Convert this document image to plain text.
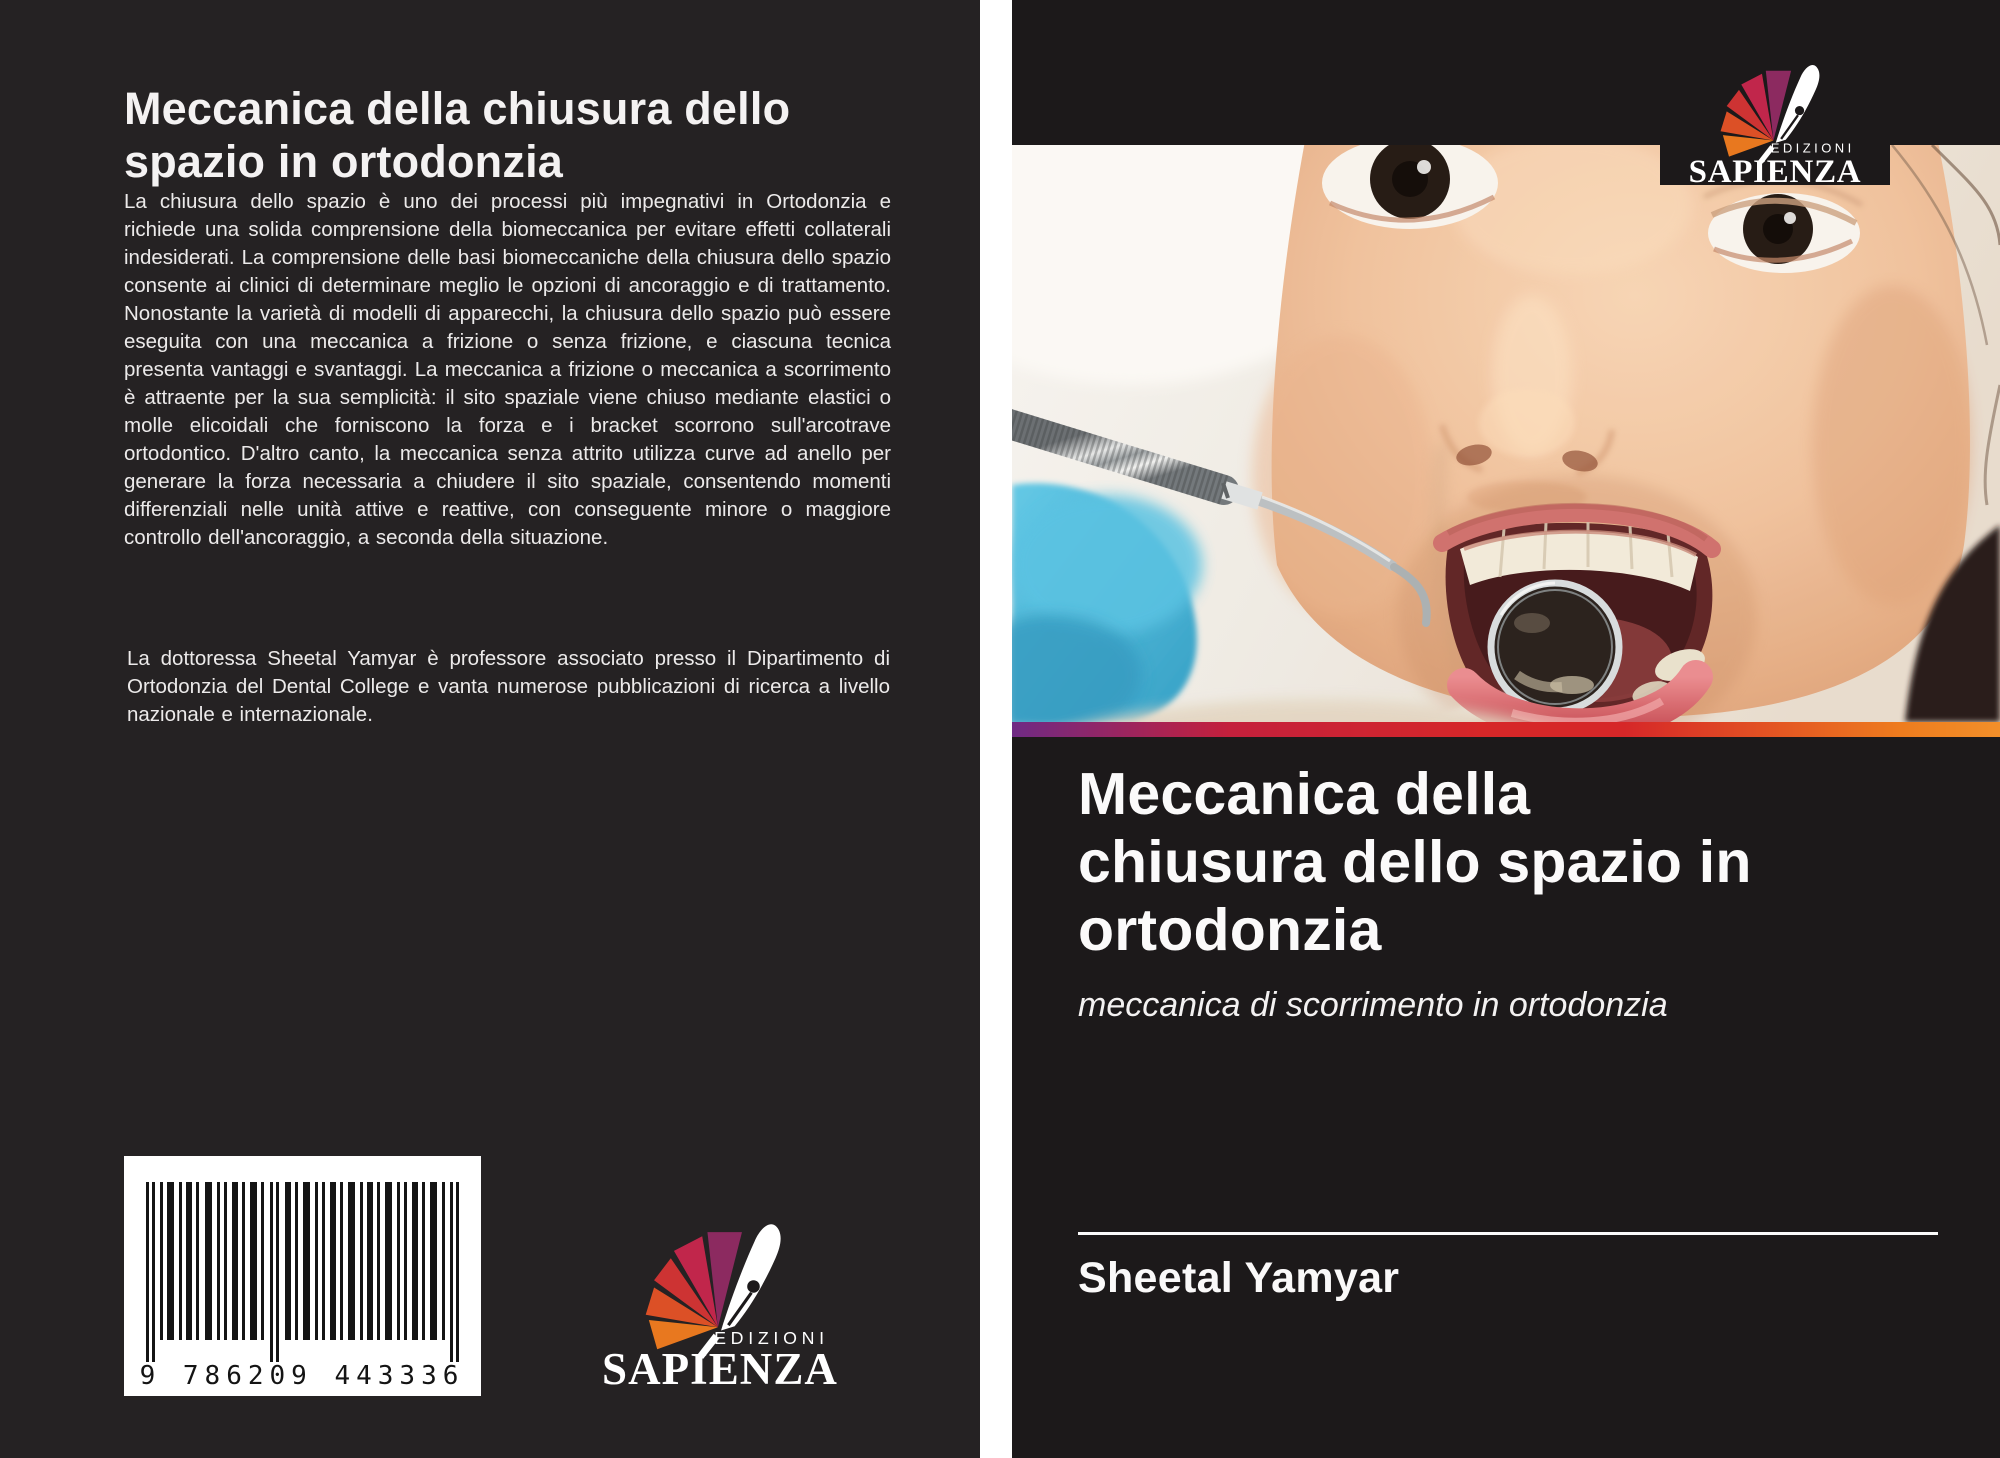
Meccanica della chiusura dello
spazio in ortodonzia
La chiusura dello spazio è uno dei processi più impegnativi in Ortodonzia e richiede una solida comprensione della biomeccanica per evitare effetti collaterali indesiderati. La comprensione delle basi biomeccaniche della chiusura dello spazio consente ai clinici di determinare meglio le opzioni di ancoraggio e di trattamento. Nonostante la varietà di modelli di apparecchi, la chiusura dello spazio può essere eseguita con una meccanica a frizione o senza frizione, e ciascuna tecnica presenta vantaggi e svantaggi. La meccanica a frizione o meccanica a scorrimento è attraente per la sua semplicità: il sito spaziale viene chiuso mediante elastici o molle elicoidali che forniscono la forza e i bracket scorrono sull'arcotrave ortodontico. D'altro canto, la meccanica senza attrito utilizza curve ad anello per generare la forza necessaria a chiudere il sito spaziale, consentendo momenti differenziali nelle unità attive e reattive, con conseguente minore o maggiore controllo dell'ancoraggio, a seconda della situazione.
La dottoressa Sheetal Yamyar è professore associato presso il Dipartimento di Ortodonzia del Dental College e vanta numerose pubblicazioni di ricerca a livello nazionale e internazionale.
9 786209 443336
Meccanica della
chiusura dello spazio in
ortodonzia
meccanica di scorrimento in ortodonzia
Sheetal Yamyar
